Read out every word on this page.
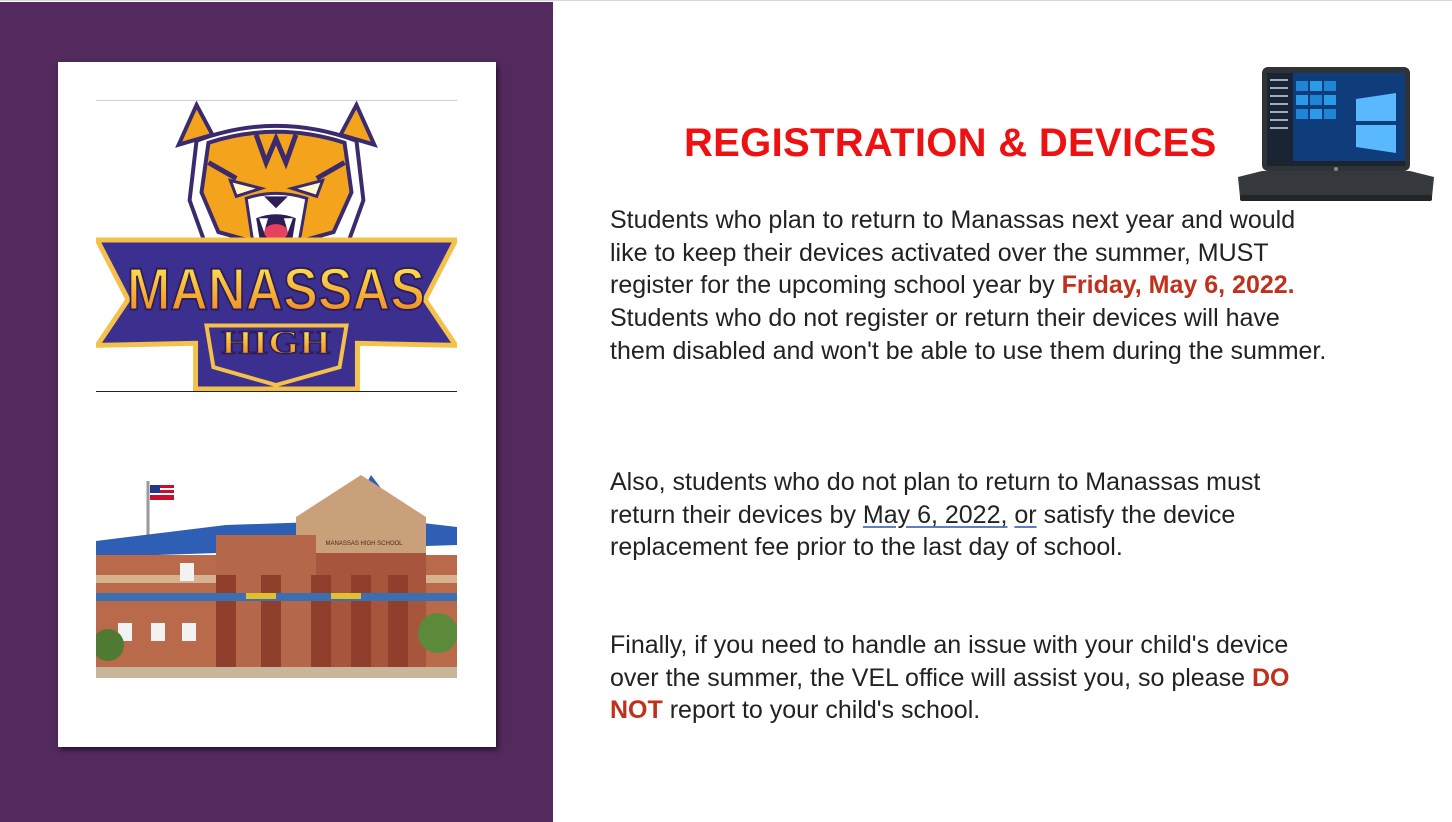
MANASSAS
HIGH
MANASSAS HIGH SCHOOL
REGISTRATION & DEVICES

Students who plan to return to Manassas next year and would like to keep their devices activated over the summer, MUST register for the upcoming school year by Friday, May 6, 2022.  Students who do not register or return their devices will have them disabled and won't be able to use them during the summer.

Also, students who do not plan to return to Manassas must return their devices by May 6, 2022, or satisfy the device replacement fee prior to the last day of school.

Finally, if you need to handle an issue with your child's device over the summer, the VEL office will assist you, so please DO NOT report to your child's school.
